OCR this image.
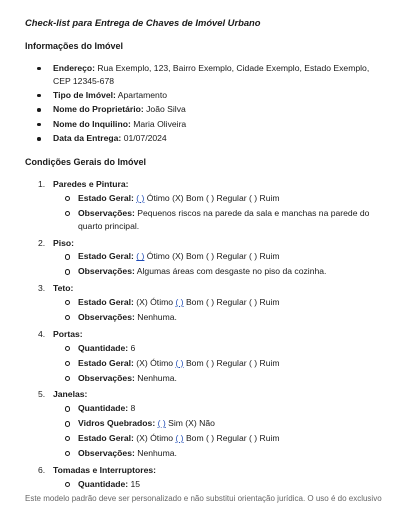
Check-list para Entrega de Chaves de Imóvel Urbano
Informações do Imóvel
Endereço: Rua Exemplo, 123, Bairro Exemplo, Cidade Exemplo, Estado Exemplo, CEP 12345-678
Tipo de Imóvel: Apartamento
Nome do Proprietário: João Silva
Nome do Inquilino: Maria Oliveira
Data da Entrega: 01/07/2024
Condições Gerais do Imóvel
1. Paredes e Pintura:
Estado Geral: ( ) Ótimo (X) Bom ( ) Regular ( ) Ruim
Observações: Pequenos riscos na parede da sala e manchas na parede do quarto principal.
2. Piso:
Estado Geral: ( ) Ótimo (X) Bom ( ) Regular ( ) Ruim
Observações: Algumas áreas com desgaste no piso da cozinha.
3. Teto:
Estado Geral: (X) Ótimo ( ) Bom ( ) Regular ( ) Ruim
Observações: Nenhuma.
4. Portas:
Quantidade: 6
Estado Geral: (X) Ótimo ( ) Bom ( ) Regular ( ) Ruim
Observações: Nenhuma.
5. Janelas:
Quantidade: 8
Vidros Quebrados: ( ) Sim (X) Não
Estado Geral: (X) Ótimo ( ) Bom ( ) Regular ( ) Ruim
Observações: Nenhuma.
6. Tomadas e Interruptores:
Quantidade: 15
Este modelo padrão deve ser personalizado e não substitui orientação jurídica. O uso é do exclusivo
